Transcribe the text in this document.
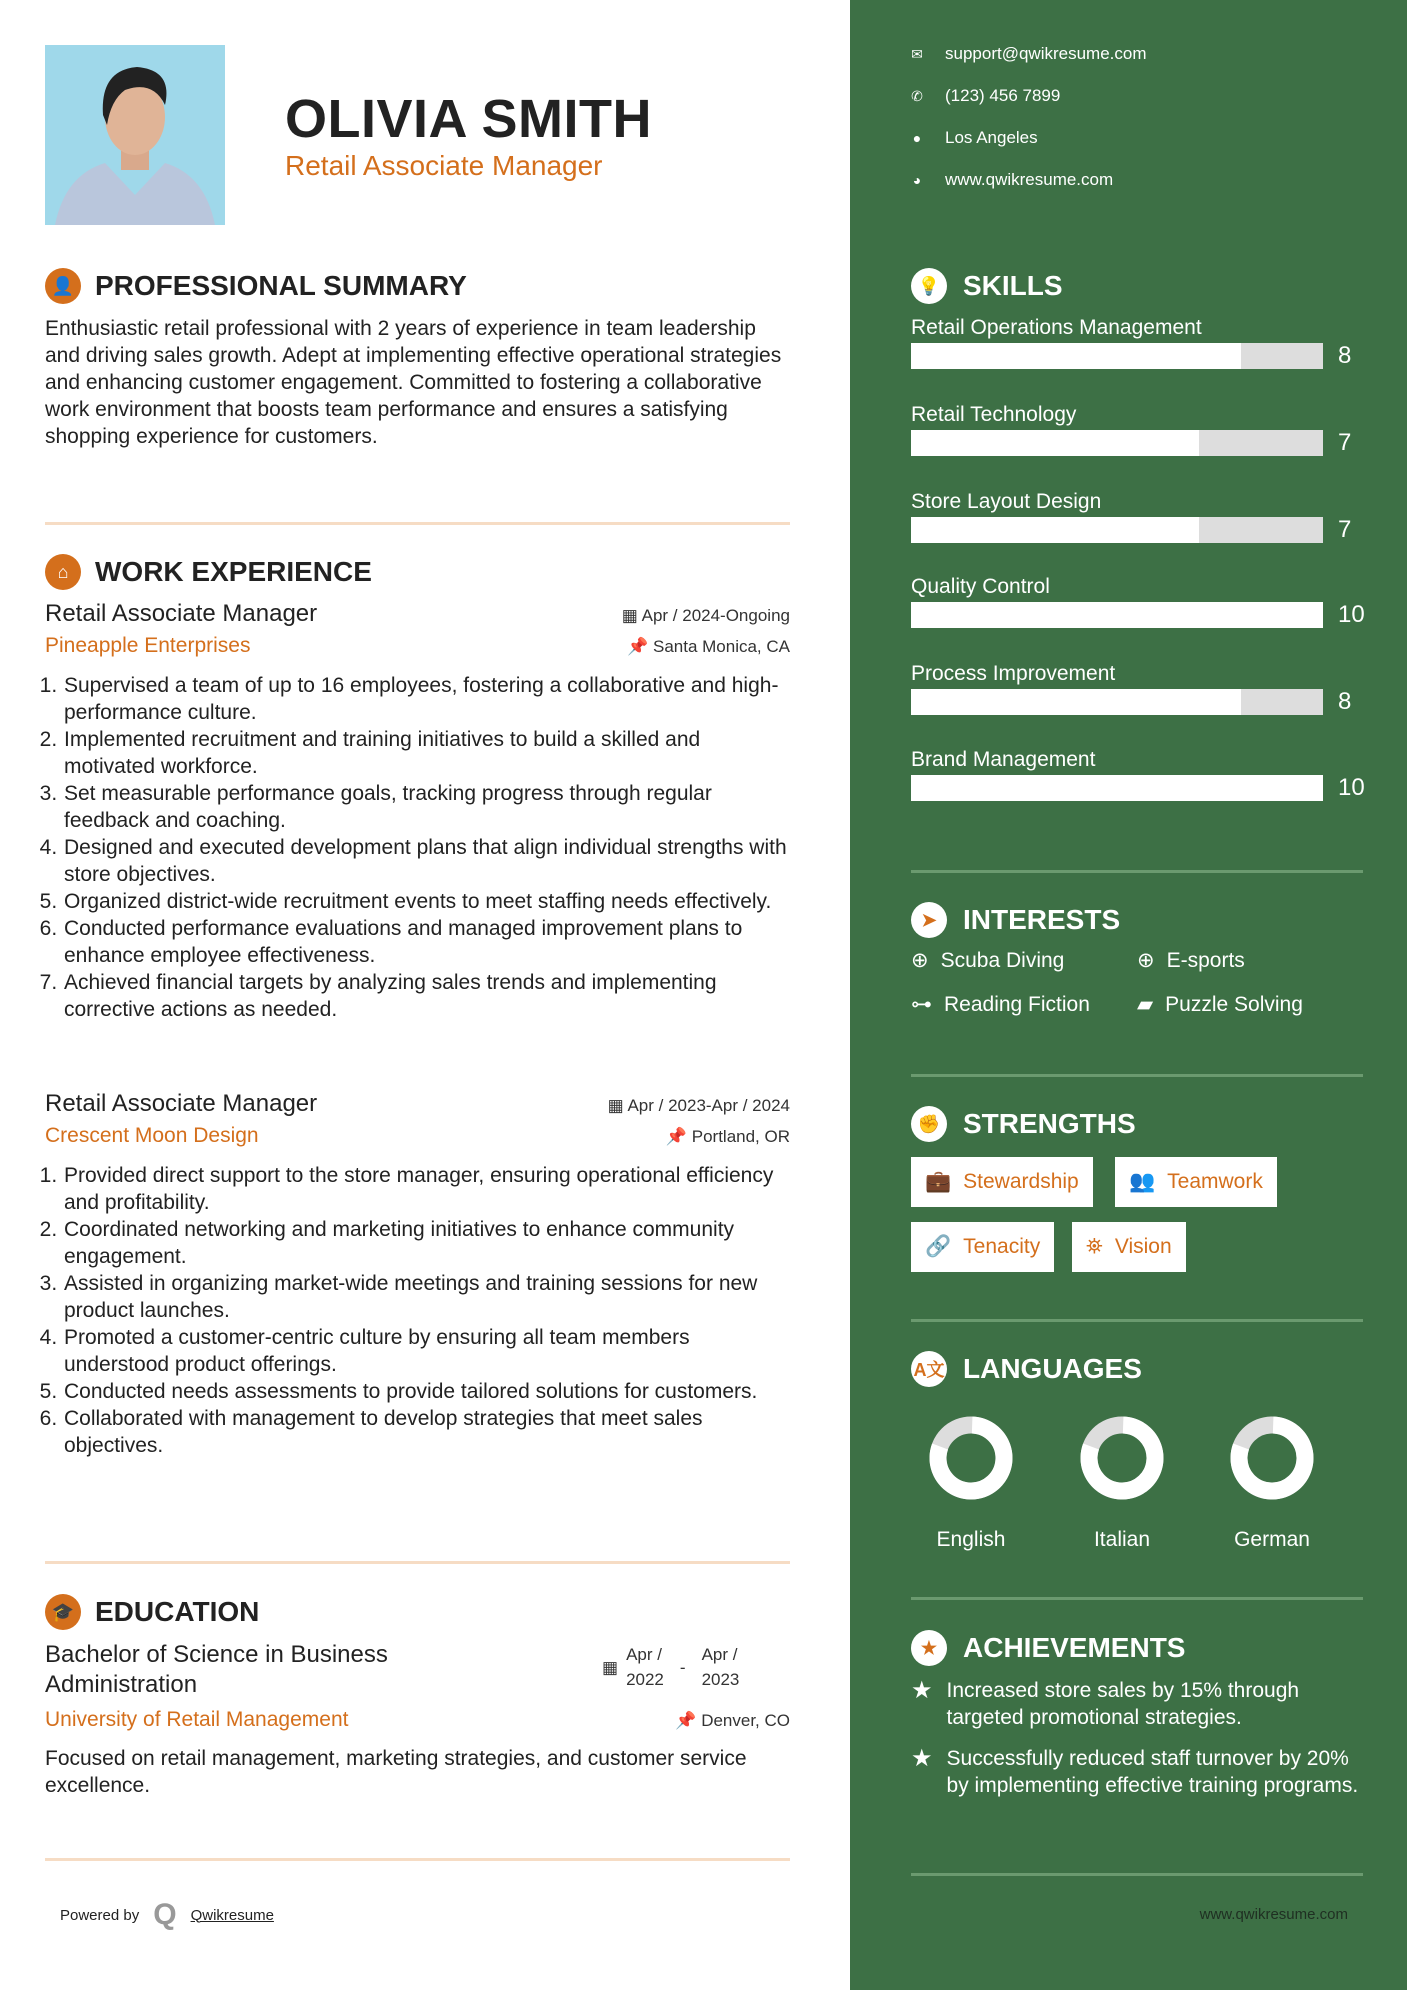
OLIVIA SMITH
Retail Associate Manager
👤 PROFESSIONAL SUMMARY
Enthusiastic retail professional with 2 years of experience in team leadership and driving sales growth. Adept at implementing effective operational strategies and enhancing customer engagement. Committed to fostering a collaborative work environment that boosts team performance and ensures a satisfying shopping experience for customers.
⌂ WORK EXPERIENCE
Retail Associate Manager	▦ Apr / 2024-Ongoing
Pineapple Enterprises	📌 Santa Monica, CA
1. Supervised a team of up to 16 employees, fostering a collaborative and high-performance culture.
2. Implemented recruitment and training initiatives to build a skilled and motivated workforce.
3. Set measurable performance goals, tracking progress through regular feedback and coaching.
4. Designed and executed development plans that align individual strengths with store objectives.
5. Organized district-wide recruitment events to meet staffing needs effectively.
6. Conducted performance evaluations and managed improvement plans to enhance employee effectiveness.
7. Achieved financial targets by analyzing sales trends and implementing corrective actions as needed.
Retail Associate Manager	▦ Apr / 2023-Apr / 2024
Crescent Moon Design	📌 Portland, OR
1. Provided direct support to the store manager, ensuring operational efficiency and profitability.
2. Coordinated networking and marketing initiatives to enhance community engagement.
3. Assisted in organizing market-wide meetings and training sessions for new product launches.
4. Promoted a customer-centric culture by ensuring all team members understood product offerings.
5. Conducted needs assessments to provide tailored solutions for customers.
6. Collaborated with management to develop strategies that meet sales objectives.
🎓 EDUCATION
Bachelor of Science in Business Administration
▦
Apr /
2022
-
Apr /
2023
University of Retail Management	📌 Denver, CO
Focused on retail management, marketing strategies, and customer service excellence.
Powered by Q Qwikresume
✉ support@qwikresume.com
✆ (123) 456 7899
● Los Angeles
◕ www.qwikresume.com
💡 SKILLS
Retail Operations Management
8
Retail Technology
7
Store Layout Design
7
Quality Control
10
Process Improvement
8
Brand Management
10
➤ INTERESTS
⊕ Scuba Diving	⊕ E-sports
⊶ Reading Fiction ▰ Puzzle Solving
✊ STRENGTHS
💼 Stewardship 👥 Teamwork
🔗 Tenacity ⛯ Vision
A文 LANGUAGES
English	Italian	German
★ ACHIEVEMENTS
★ Increased store sales by 15% through targeted promotional strategies.
★ Successfully reduced staff turnover by 20% by implementing effective training programs.
www.qwikresume.com
